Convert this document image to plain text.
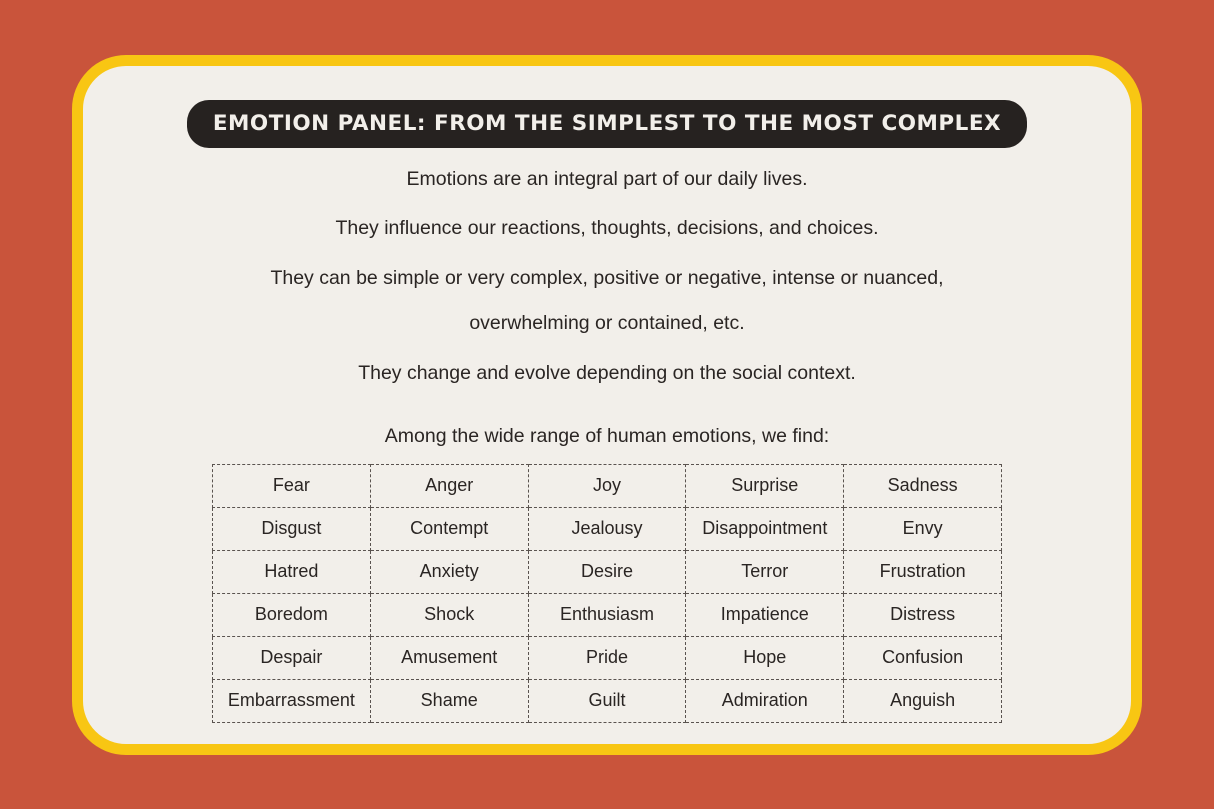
EMOTION PANEL: FROM THE SIMPLEST TO THE MOST COMPLEX

Emotions are an integral part of our daily lives.

They influence our reactions, thoughts, decisions, and choices.

They can be simple or very complex, positive or negative, intense or nuanced,

overwhelming or contained, etc.

They change and evolve depending on the social context.

Among the wide range of human emotions, we find:
Fear	Anger	Joy	Surprise	Sadness
Disgust	Contempt	Jealousy	Disappointment	Envy
Hatred	Anxiety	Desire	Terror	Frustration
Boredom	Shock	Enthusiasm	Impatience	Distress
Despair	Amusement	Pride	Hope	Confusion
Embarrassment	Shame	Guilt	Admiration	Anguish
